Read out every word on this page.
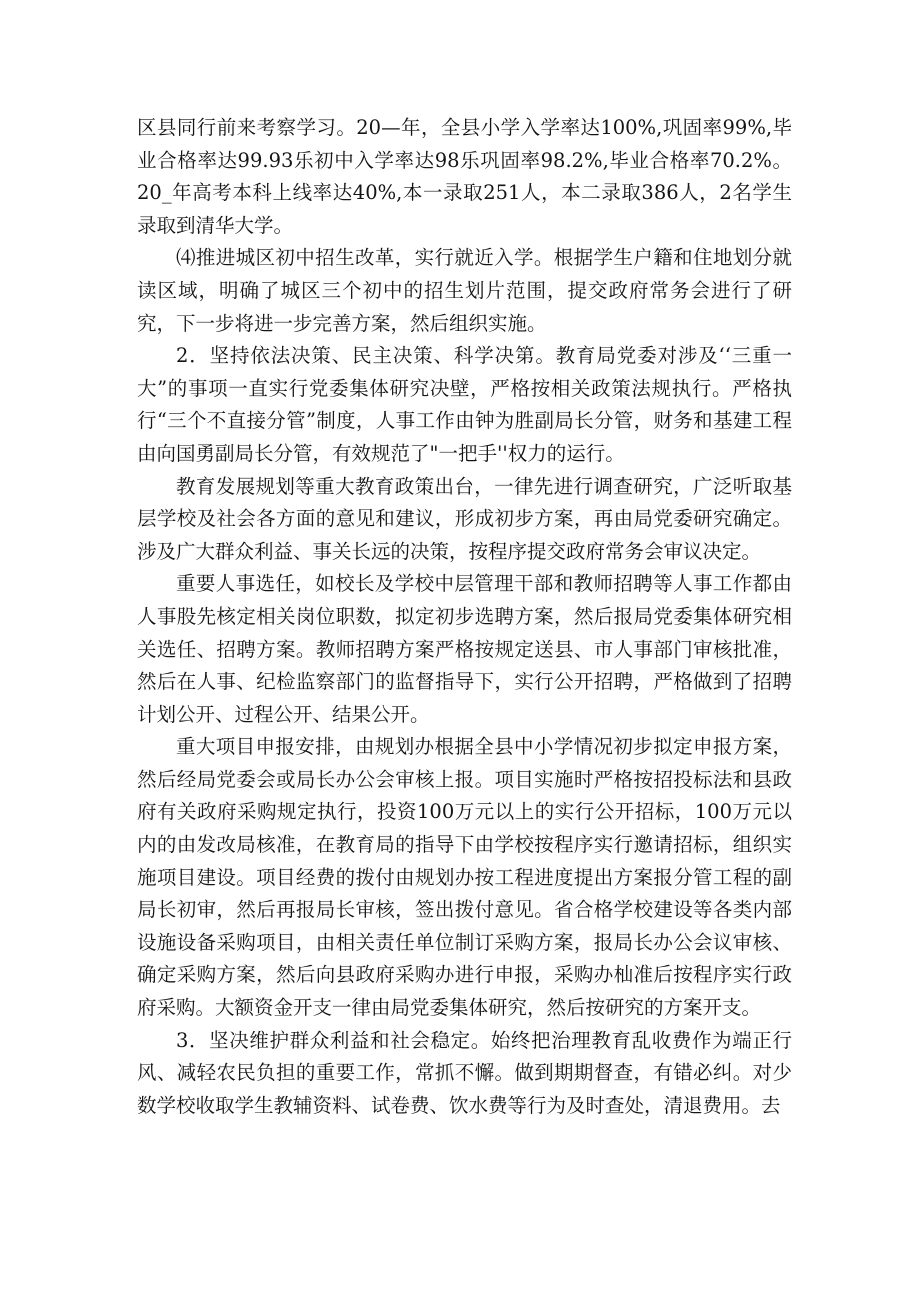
区县同行前来考察学习。20—年，全县小学入学率达100%,巩固率99%,毕业合格率达99.93乐初中入学率达98乐巩固率98.2%,毕业合格率70.2%。20_年高考本科上线率达40%,本一录取251人，本二录取386人，2名学生录取到清华大学。

⑷推进城区初中招生改革，实行就近入学。根据学生户籍和住地划分就读区域，明确了城区三个初中的招生划片范围，提交政府常务会进行了研究，下一步将进一步完善方案，然后组织实施。

2．坚持依法决策、民主决策、科学决第。教育局党委对涉及‘‘三重一大”的事项一直实行党委集体研究决壁，严格按相关政策法规执行。严格执行“三个不直接分管”制度，人事工作由钟为胜副局长分管，财务和基建工程由向国勇副局长分管，有效规范了"一把手''权力的运行。

教育发展规划等重大教育政策出台，一律先进行调查研究，广泛听取基层学校及社会各方面的意见和建议，形成初步方案，再由局党委研究确定。涉及广大群众利益、事关长远的决策，按程序提交政府常务会审议决定。

重要人事选任，如校长及学校中层管理干部和教师招聘等人事工作都由人事股先核定相关岗位职数，拟定初步选聘方案，然后报局党委集体研究相关选任、招聘方案。教师招聘方案严格按规定送县、市人事部门审核批准，然后在人事、纪检监察部门的监督指导下，实行公开招聘，严格做到了招聘计划公开、过程公开、结果公开。

重大项目申报安排，由规划办根据全县中小学情况初步拟定申报方案，然后经局党委会或局长办公会审核上报。项目实施时严格按招投标法和县政府有关政府采购规定执行，投资100万元以上的实行公开招标，100万元以内的由发改局核准，在教育局的指导下由学校按程序实行邀请招标，组织实施项目建设。项目经费的拨付由规划办按工程进度提出方案报分管工程的副局长初审，然后再报局长审核，签出拨付意见。省合格学校建设等各类内部设施设备采购项目，由相关责任单位制订采购方案，报局长办公会议审核、确定采购方案，然后向县政府采购办进行申报，采购办杣准后按程序实行政府采购。大额资金开支一律由局党委集体研究，然后按研究的方案开支。

3．坚决维护群众利益和社会稳定。始终把治理教育乱收费作为端正行风、减轻农民负担的重要工作，常抓不懈。做到期期督查，有错必纠。对少数学校收取学生教辅资料、试卷费、饮水费等行为及时查处，清退费用。去
